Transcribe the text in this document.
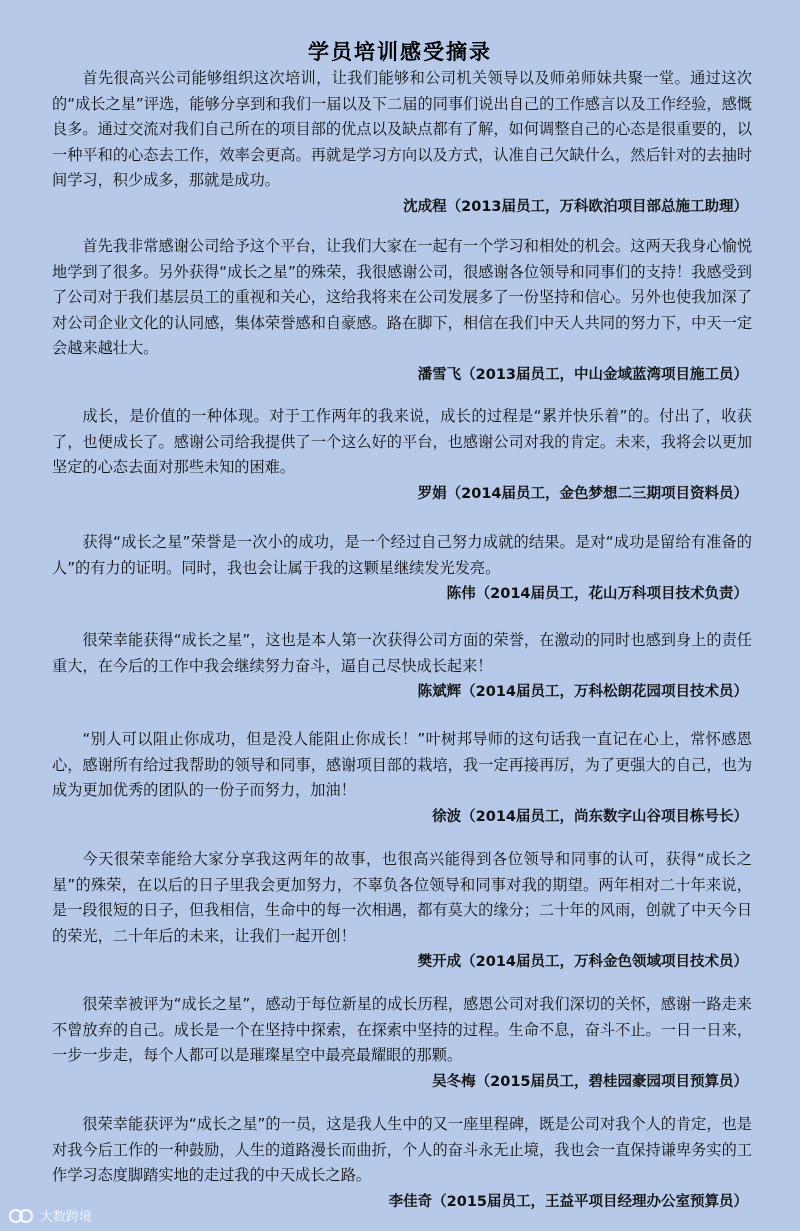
学员培训感受摘录

首先很高兴公司能够组织这次培训，让我们能够和公司机关领导以及师弟师妹共聚一堂。通过这次的“成长之星”评选，能够分享到和我们一届以及下二届的同事们说出自己的工作感言以及工作经验，感慨良多。通过交流对我们自己所在的项目部的优点以及缺点都有了解，如何调整自己的心态是很重要的，以一种平和的心态去工作，效率会更高。再就是学习方向以及方式，认准自己欠缺什么，然后针对的去抽时间学习，积少成多，那就是成功。

沈成程（2013届员工，万科欧泊项目部总施工助理）

首先我非常感谢公司给予这个平台，让我们大家在一起有一个学习和相处的机会。这两天我身心愉悦地学到了很多。另外获得“成长之星”的殊荣，我很感谢公司，很感谢各位领导和同事们的支持！我感受到了公司对于我们基层员工的重视和关心，这给我将来在公司发展多了一份坚持和信心。另外也使我加深了对公司企业文化的认同感，集体荣誉感和自豪感。路在脚下，相信在我们中天人共同的努力下，中天一定会越来越壮大。

潘雪飞（2013届员工，中山金域蓝湾项目施工员）

成长，是价值的一种体现。对于工作两年的我来说，成长的过程是“累并快乐着”的。付出了，收获了，也便成长了。感谢公司给我提供了一个这么好的平台，也感谢公司对我的肯定。未来，我将会以更加坚定的心态去面对那些未知的困难。

罗娟（2014届员工，金色梦想二三期项目资料员）

获得“成长之星”荣誉是一次小的成功，是一个经过自己努力成就的结果。是对“成功是留给有准备的人”的有力的证明。同时，我也会让属于我的这颗星继续发光发亮。

陈伟（2014届员工，花山万科项目技术负责）

很荣幸能获得“成长之星”，这也是本人第一次获得公司方面的荣誉，在激动的同时也感到身上的责任重大，在今后的工作中我会继续努力奋斗，逼自己尽快成长起来！

陈斌辉（2014届员工，万科松朗花园项目技术员）

“别人可以阻止你成功，但是没人能阻止你成长！”叶树邦导师的这句话我一直记在心上，常怀感恩心，感谢所有给过我帮助的领导和同事，感谢项目部的栽培，我一定再接再厉，为了更强大的自己，也为成为更加优秀的团队的一份子而努力，加油！

徐波（2014届员工，尚东数字山谷项目栋号长）

今天很荣幸能给大家分享我这两年的故事，也很高兴能得到各位领导和同事的认可，获得“成长之星”的殊荣，在以后的日子里我会更加努力，不辜负各位领导和同事对我的期望。两年相对二十年来说，是一段很短的日子，但我相信，生命中的每一次相遇，都有莫大的缘分；二十年的风雨，创就了中天今日的荣光，二十年后的未来，让我们一起开创！

樊开成（2014届员工，万科金色领域项目技术员）

很荣幸被评为“成长之星”，感动于每位新星的成长历程，感恩公司对我们深切的关怀，感谢一路走来不曾放弃的自己。成长是一个在坚持中探索，在探索中坚持的过程。生命不息，奋斗不止。一日一日来，一步一步走，每个人都可以是璀璨星空中最亮最耀眼的那颗。

吴冬梅（2015届员工，碧桂园豪园项目预算员）

很荣幸能获评为“成长之星”的一员，这是我人生中的又一座里程碑，既是公司对我个人的肯定，也是对我今后工作的一种鼓励，人生的道路漫长而曲折，个人的奋斗永无止境，我也会一直保持谦卑务实的工作学习态度脚踏实地的走过我的中天成长之路。

李佳奇（2015届员工，王益平项目经理办公室预算员）
大数跨境
